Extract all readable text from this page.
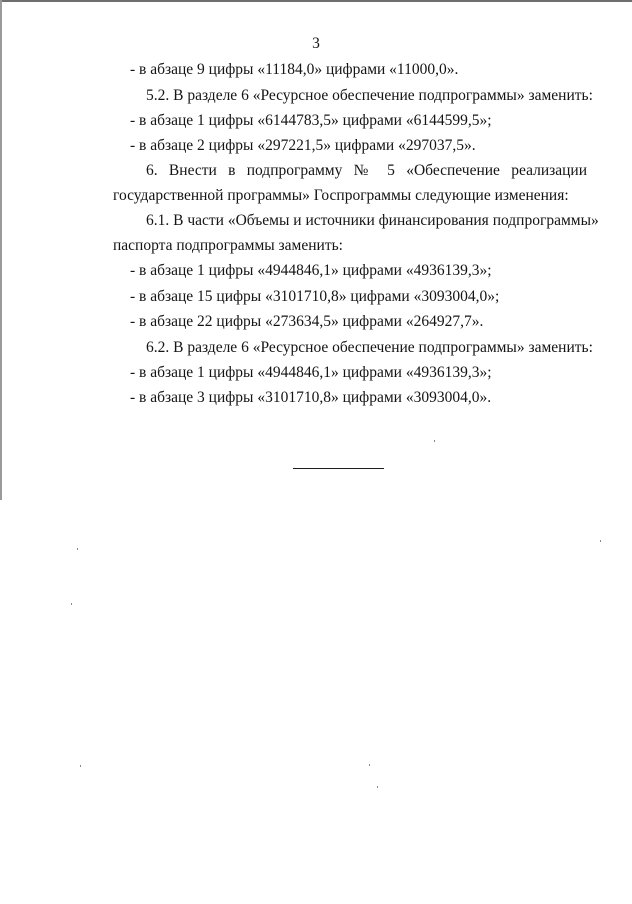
3
- в абзаце 9 цифры «11184,0» цифрами «11000,0».
5.2. В разделе 6 «Ресурсное обеспечение подпрограммы» заменить:
- в абзаце 1 цифры «6144783,5» цифрами «6144599,5»;
- в абзаце 2 цифры «297221,5» цифрами «297037,5».
6. Внести в подпрограмму № 5 «Обеспечение реализации
государственной программы» Госпрограммы следующие изменения:
6.1. В части «Объемы и источники финансирования подпрограммы»
паспорта подпрограммы заменить:
- в абзаце 1 цифры «4944846,1» цифрами «4936139,3»;
- в абзаце 15 цифры «3101710,8» цифрами «3093004,0»;
- в абзаце 22 цифры «273634,5» цифрами «264927,7».
6.2. В разделе 6 «Ресурсное обеспечение подпрограммы» заменить:
- в абзаце 1 цифры «4944846,1» цифрами «4936139,3»;
- в абзаце 3 цифры «3101710,8» цифрами «3093004,0».
